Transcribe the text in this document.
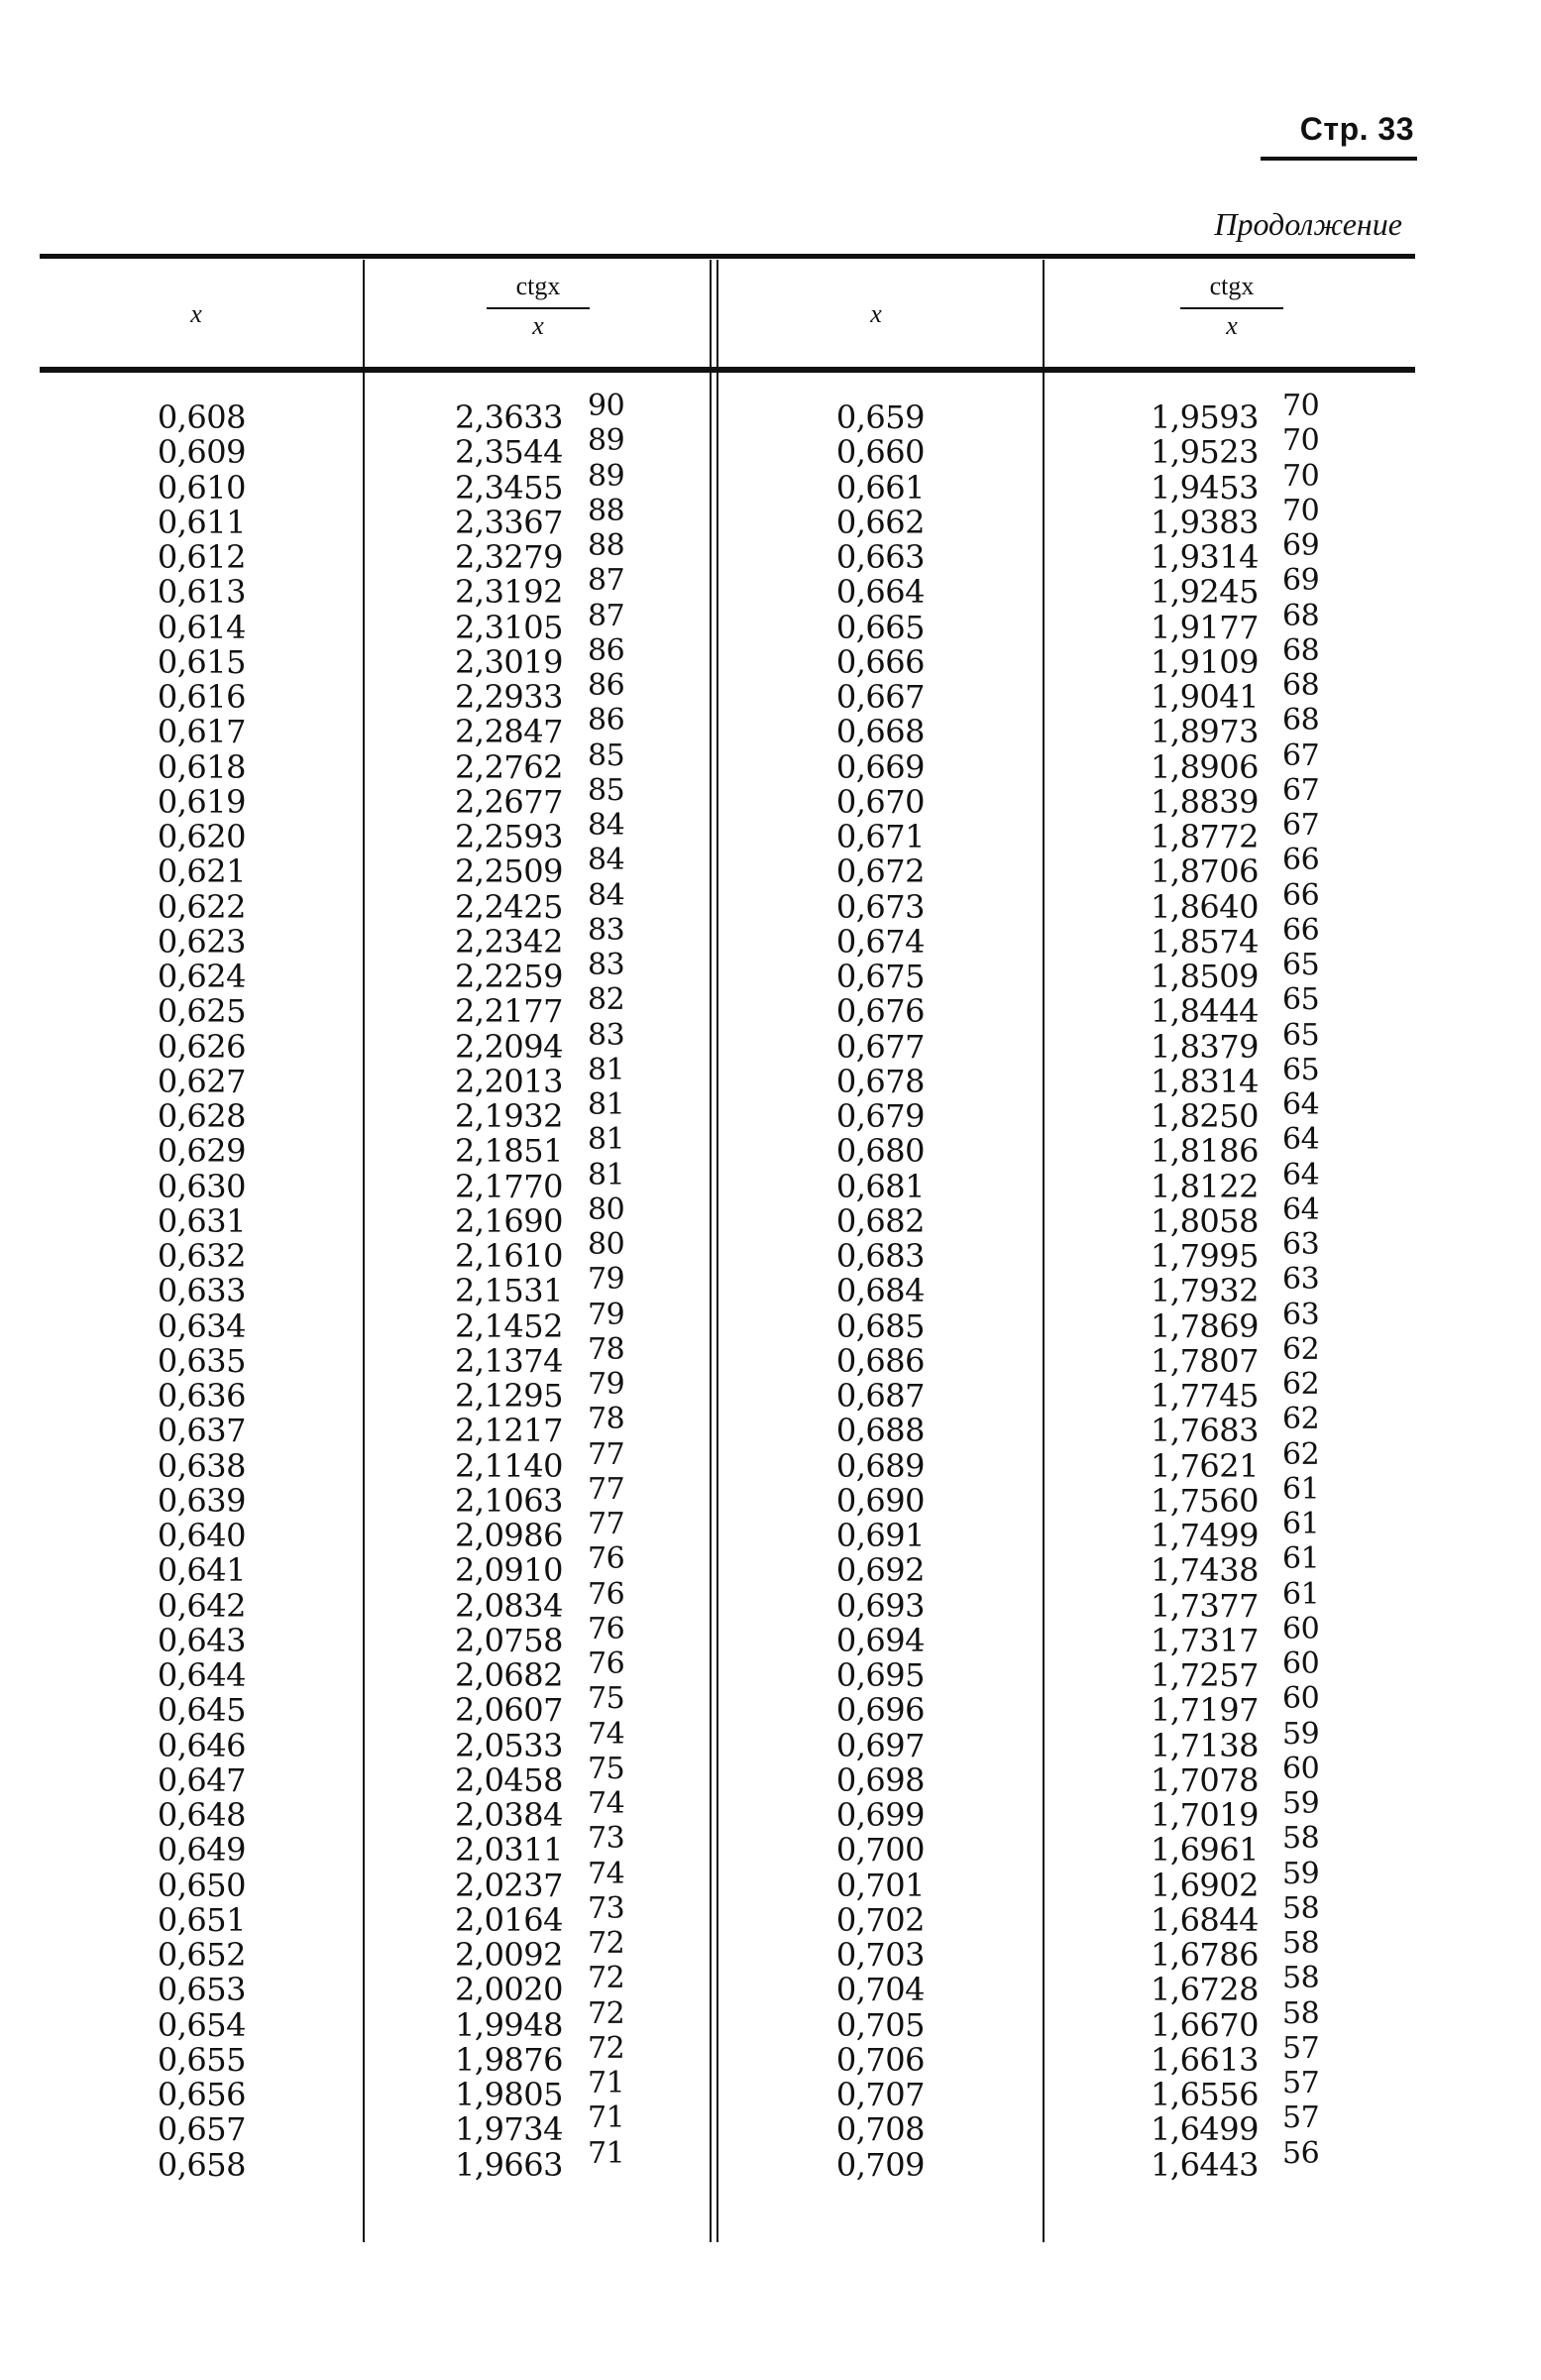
Стр. 33
Продолжение
x
ctgx
x	x
ctgx
x
0,608
0,609
0,610
0,611
0,612
0,613
0,614
0,615
0,616
0,617
0,618
0,619
0,620
0,621
0,622
0,623
0,624
0,625
0,626
0,627
0,628
0,629
0,630
0,631
0,632
0,633
0,634
0,635
0,636
0,637
0,638
0,639
0,640
0,641
0,642
0,643
0,644
0,645
0,646
0,647
0,648
0,649
0,650
0,651
0,652
0,653
0,654
0,655
0,656
0,657
0,658
2,3633
2,3544
2,3455
2,3367
2,3279
2,3192
2,3105
2,3019
2,2933
2,2847
2,2762
2,2677
2,2593
2,2509
2,2425
2,2342
2,2259
2,2177
2,2094
2,2013
2,1932
2,1851
2,1770
2,1690
2,1610
2,1531
2,1452
2,1374
2,1295
2,1217
2,1140
2,1063
2,0986
2,0910
2,0834
2,0758
2,0682
2,0607
2,0533
2,0458
2,0384
2,0311
2,0237
2,0164
2,0092
2,0020
1,9948
1,9876
1,9805
1,9734
1,9663
90
89
89
88
88
87
87
86
86
86
85
85
84
84
84
83
83
82
83
81
81
81
81
80
80
79
79
78
79
78
77
77
77
76
76
76
76
75
74
75
74
73
74
73
72
72
72
72
71
71
71
0,659
0,660
0,661
0,662
0,663
0,664
0,665
0,666
0,667
0,668
0,669
0,670
0,671
0,672
0,673
0,674
0,675
0,676
0,677
0,678
0,679
0,680
0,681
0,682
0,683
0,684
0,685
0,686
0,687
0,688
0,689
0,690
0,691
0,692
0,693
0,694
0,695
0,696
0,697
0,698
0,699
0,700
0,701
0,702
0,703
0,704
0,705
0,706
0,707
0,708
0,709
1,9593
1,9523
1,9453
1,9383
1,9314
1,9245
1,9177
1,9109
1,9041
1,8973
1,8906
1,8839
1,8772
1,8706
1,8640
1,8574
1,8509
1,8444
1,8379
1,8314
1,8250
1,8186
1,8122
1,8058
1,7995
1,7932
1,7869
1,7807
1,7745
1,7683
1,7621
1,7560
1,7499
1,7438
1,7377
1,7317
1,7257
1,7197
1,7138
1,7078
1,7019
1,6961
1,6902
1,6844
1,6786
1,6728
1,6670
1,6613
1,6556
1,6499
1,6443
70
70
70
70
69
69
68
68
68
68
67
67
67
66
66
66
65
65
65
65
64
64
64
64
63
63
63
62
62
62
62
61
61
61
61
60
60
60
59
60
59
58
59
58
58
58
58
57
57
57
56
